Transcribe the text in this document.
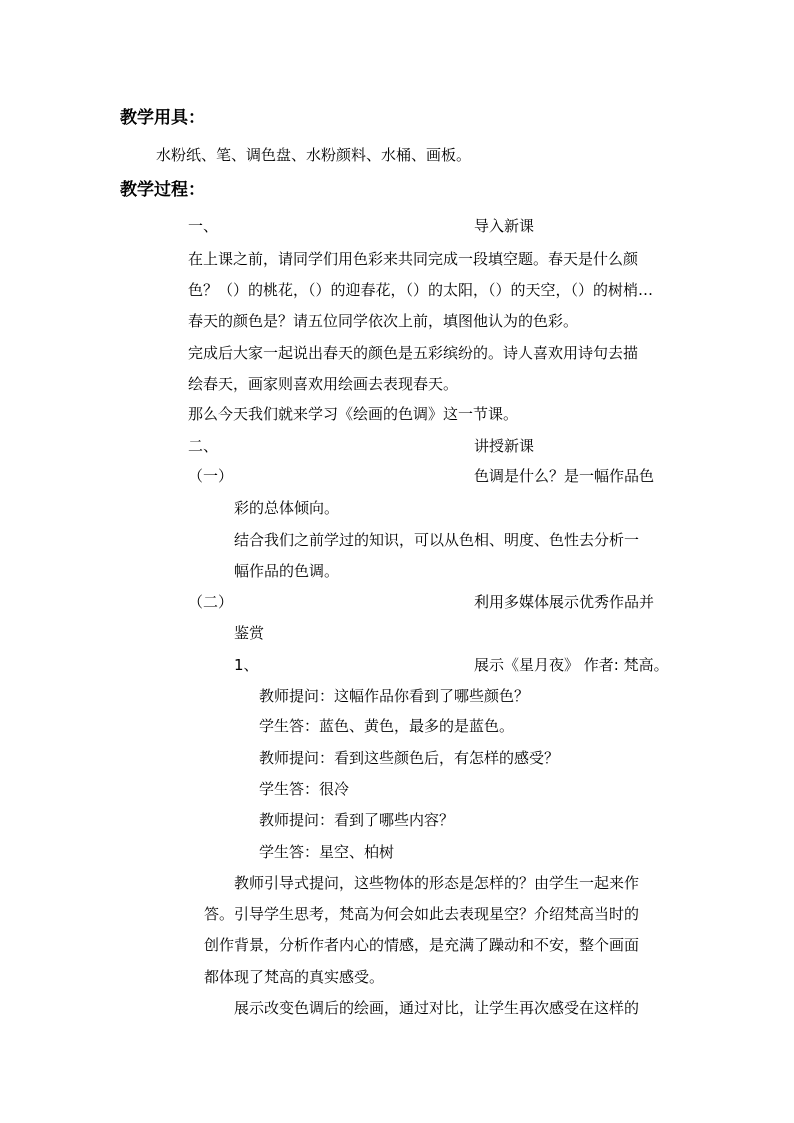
教学用具：
水粉纸、笔、调色盘、水粉颜料、水桶、画板。
教学过程：
一、	导入新课
在上课之前，请同学们用色彩来共同完成一段填空题。春天是什么颜
色？（）的桃花，（）的迎春花，（）的太阳，（）的天空，（）的树梢…
春天的颜色是？请五位同学依次上前，填图他认为的色彩。
完成后大家一起说出春天的颜色是五彩缤纷的。诗人喜欢用诗句去描
绘春天，画家则喜欢用绘画去表现春天。
那么今天我们就来学习《绘画的色调》这一节课。
二、	讲授新课
（一）	色调是什么？是一幅作品色
彩的总体倾向。
结合我们之前学过的知识，可以从色相、明度、色性去分析一
幅作品的色调。
（二）	利用多媒体展示优秀作品并
鉴赏
1、	展示《星月夜》 作者: 梵高。
教师提问：这幅作品你看到了哪些颜色？
学生答：蓝色、黄色，最多的是蓝色。
教师提问：看到这些颜色后，有怎样的感受？
学生答：很冷
教师提问：看到了哪些内容？
学生答：星空、柏树
教师引导式提问，这些物体的形态是怎样的？由学生一起来作
答。引导学生思考，梵高为何会如此去表现星空？介绍梵高当时的
创作背景，分析作者内心的情感，是充满了躁动和不安，整个画面
都体现了梵高的真实感受。
展示改变色调后的绘画，通过对比，让学生再次感受在这样的
